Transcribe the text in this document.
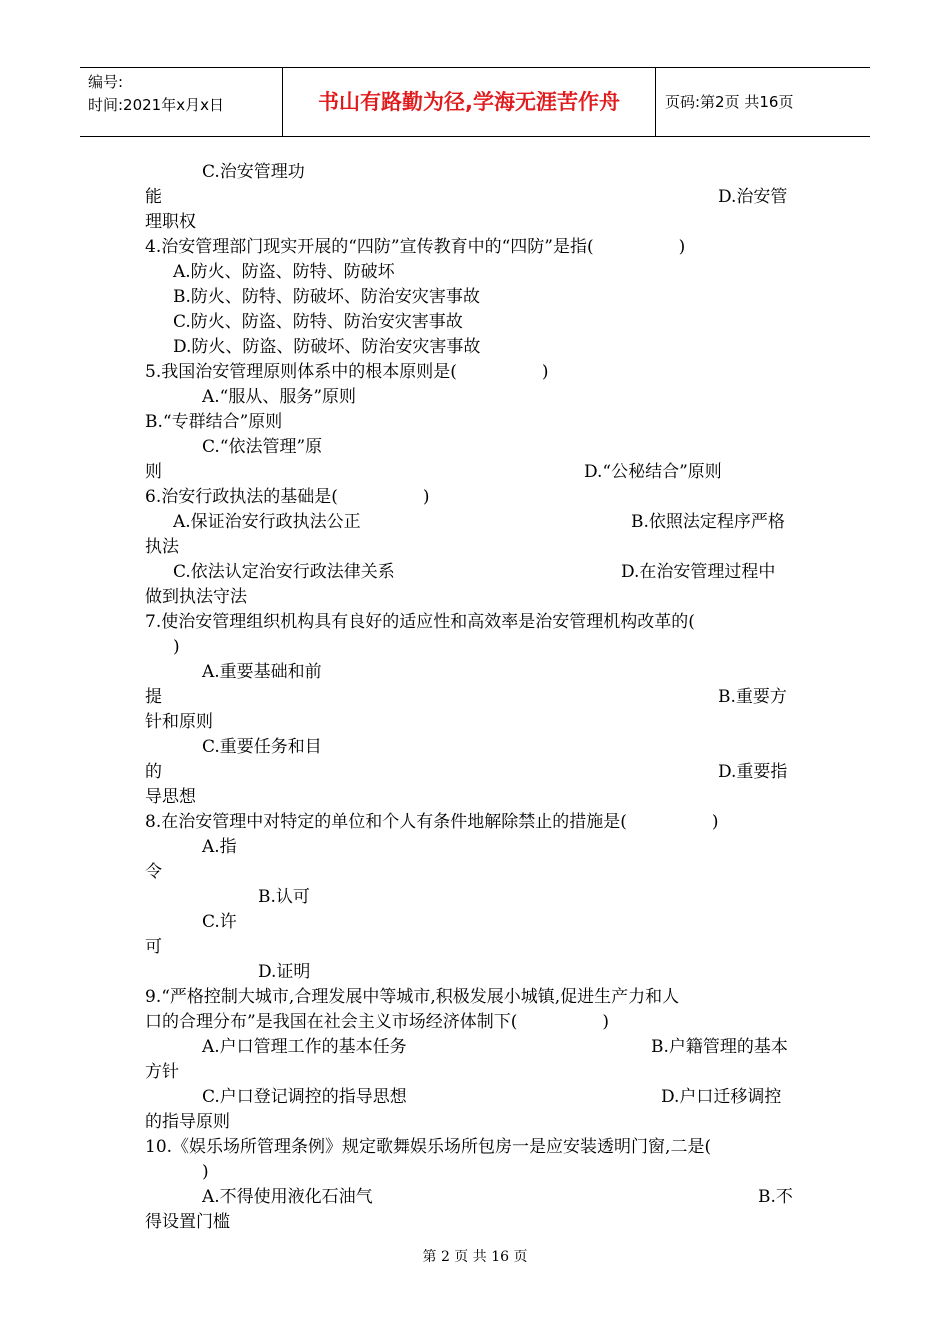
编号:
时间:2021年x月x日	书山有路勤为径,学海无涯苦作舟	页码:第2页 共16页
C.治安管理功
能	D.治安管
理职权
4.治安管理部门现实开展的“四防”宣传教育中的“四防”是指(　　　　　)
A.防火、防盗、防特、防破坏
B.防火、防特、防破坏、防治安灾害事故
C.防火、防盗、防特、防治安灾害事故
D.防火、防盗、防破坏、防治安灾害事故
5.我国治安管理原则体系中的根本原则是(　　　　　)
A.“服从、服务”原则
B.“专群结合”原则
C.“依法管理”原
则	D.“公秘结合”原则
6.治安行政执法的基础是(　　　　　)
A.保证治安行政执法公正	B.依照法定程序严格
执法
C.依法认定治安行政法律关系	D.在治安管理过程中
做到执法守法
7.使治安管理组织机构具有良好的适应性和高效率是治安管理机构改革的(
)
A.重要基础和前
提	B.重要方
针和原则
C.重要任务和目
的	D.重要指
导思想
8.在治安管理中对特定的单位和个人有条件地解除禁止的措施是(　　　　　)
A.指
令
B.认可
C.许
可
D.证明
9.“严格控制大城市,合理发展中等城市,积极发展小城镇,促进生产力和人
口的合理分布”是我国在社会主义市场经济体制下(　　　　　)
A.户口管理工作的基本任务	B.户籍管理的基本
方针
C.户口登记调控的指导思想	D.户口迁移调控
的指导原则
10.《娱乐场所管理条例》规定歌舞娱乐场所包房一是应安装透明门窗,二是(
)
A.不得使用液化石油气	B.不
得设置门槛
第 2 页 共 16 页
